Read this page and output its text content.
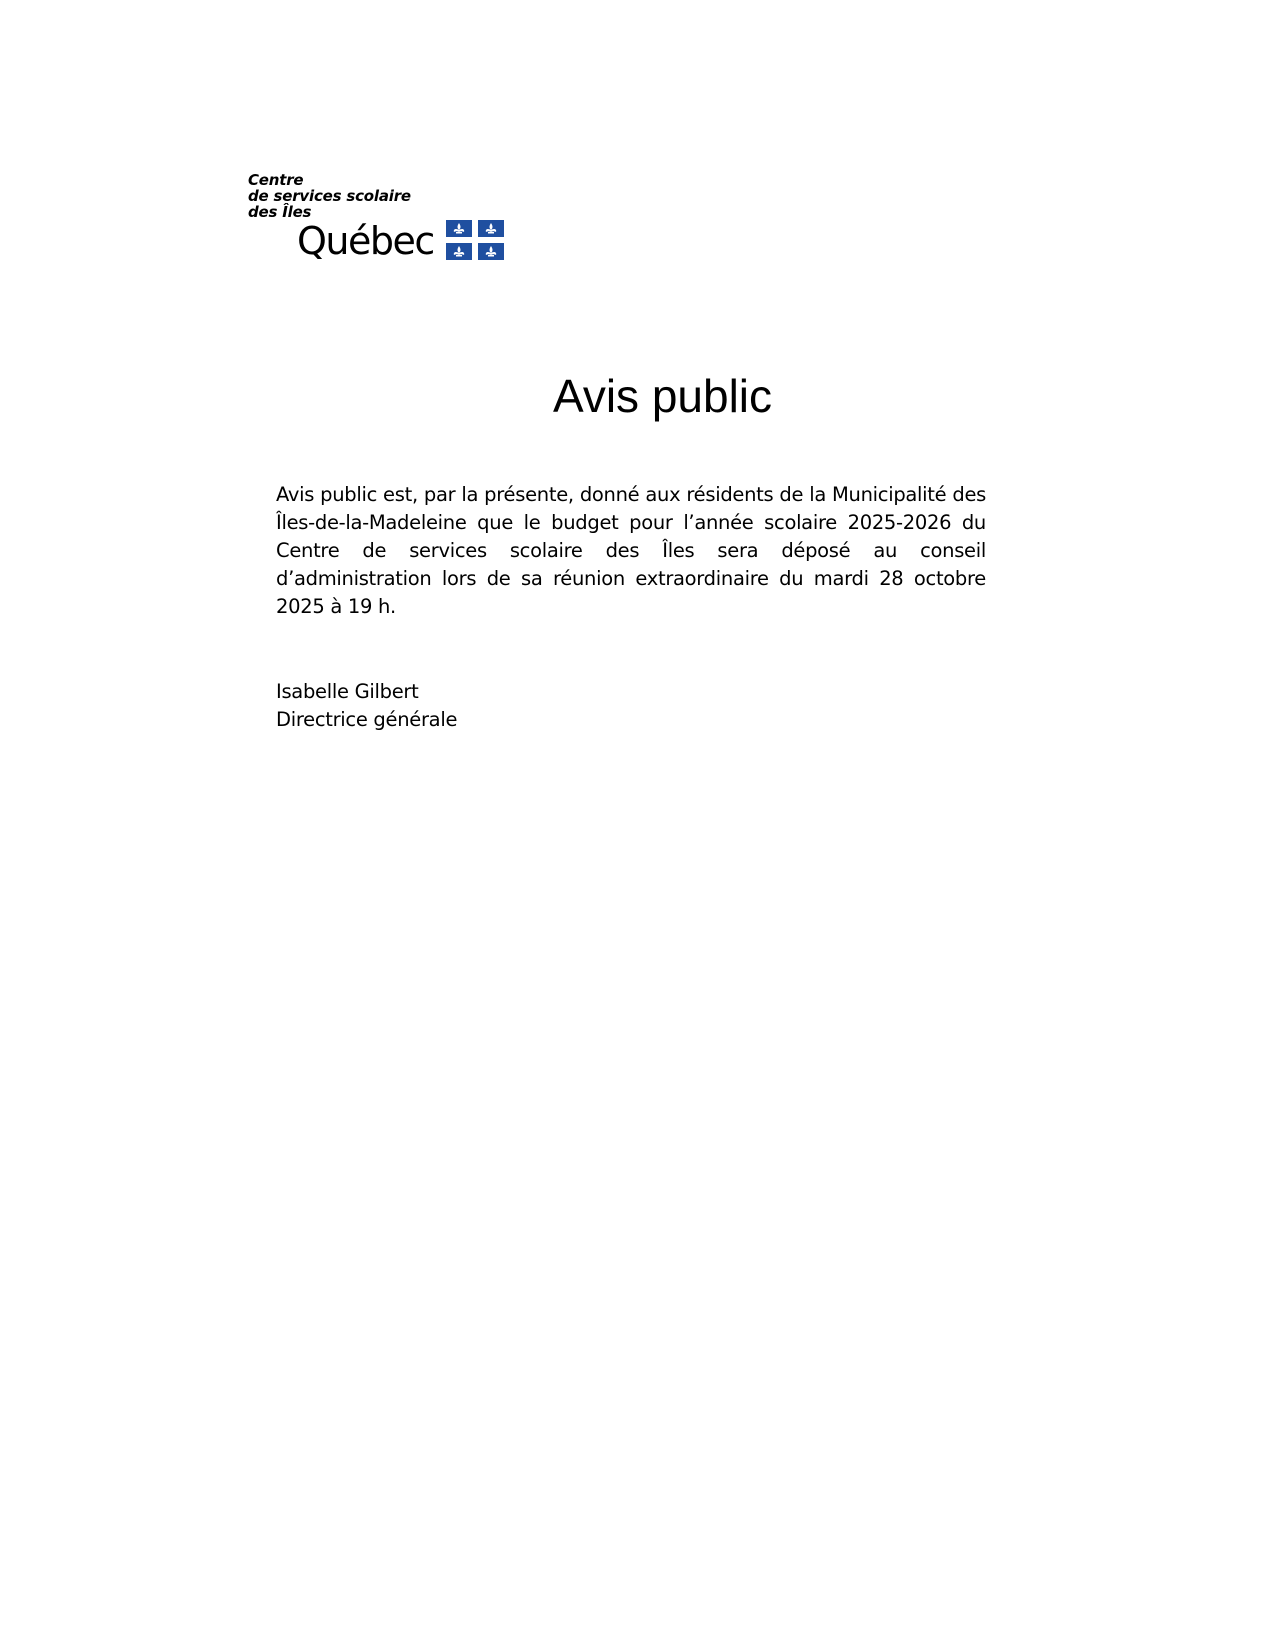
Centre
de services scolaire
des Îles
Québec
Avis public

Avis public est, par la présente, donné aux résidents de la Municipalité des Îles-de-la-Madeleine que le budget pour l’année scolaire 2025-2026 du Centre de services scolaire des Îles sera déposé au conseil d’administration lors de sa réunion extraordinaire du mardi 28 octobre 2025 à 19 h.

Isabelle Gilbert
Directrice générale
